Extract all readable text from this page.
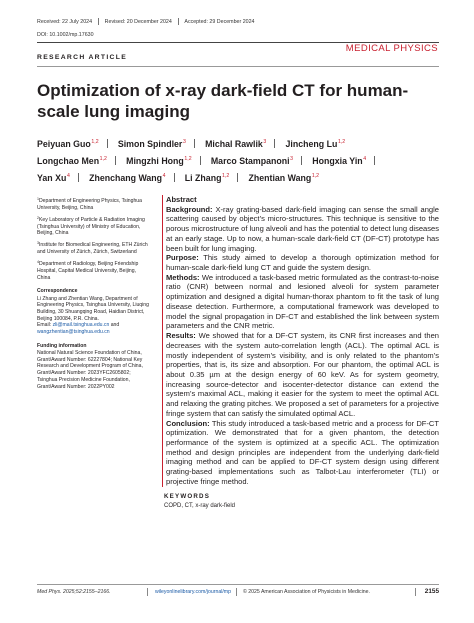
Received: 22 July 2024 Revised: 20 December 2024 Accepted: 29 December 2024
DOI: 10.1002/mp.17630
MEDICAL PHYSICS
RESEARCH ARTICLE
Optimization of x-ray dark-field CT for human-scale lung imaging
Peiyuan Guo$^{1,2}$ Simon Spindler$^3$ Michal Rawlik$^3$ Jincheng Lu$^{1,2}$
Longchao Men$^{1,2}$ Mingzhi Hong$^{1,2}$ Marco Stampanoni$^3$ Hongxia Yin$^4$
Yan Xu$^4$ Zhenchang Wang$^4$ Li Zhang$^{1,2}$ Zhentian Wang$^{1,2}$
$^1$Department of Engineering Physics, Tsinghua University, Beijing, China
$^2$Key Laboratory of Particle & Radiation Imaging (Tsinghua University) of Ministry of Education, Beijing, China
$^3$Institute for Biomedical Engineering, ETH Zürich and University of Zürich, Zürich, Switzerland
$^4$Department of Radiology, Beijing Friendship Hospital, Capital Medical University, Beijing, China
Correspondence
Li Zhang and Zhentian Wang, Department of Engineering Physics, Tsinghua University, Liuqing Building, 30 Shuangqing Road, Haidian District, Beijing 100084, P.R. China.
Email: zli@mail.tsinghua.edu.cn and
wangzhentian@tsinghua.edu.cn
Funding information
National Natural Science Foundation of China, Grant/Award Number: 62227804; National Key Research and Development Program of China, Grant/Award Number: 2023YFC2605802; Tsinghua Precision Medicine Foundation, Grant/Award Number: 2022PY002
Abstract
Background: X-ray grating-based dark-field imaging can sense the small angle scattering caused by object’s micro-structures. This technique is sensitive to the porous microstructure of lung alveoli and has the potential to detect lung diseases at an early stage. Up to now, a human-scale dark-field CT (DF-CT) prototype has been built for lung imaging.
Purpose: This study aimed to develop a thorough optimization method for human-scale dark-field lung CT and guide the system design.
Methods: We introduced a task-based metric formulated as the contrast-to-noise ratio (CNR) between normal and lesioned alveoli for system parameter optimization and designed a digital human-thorax phantom to fit the task of lung disease detection. Furthermore, a computational framework was developed to model the signal propagation in DF-CT and established the link between system parameters and the CNR metric.
Results: We showed that for a DF-CT system, its CNR first increases and then decreases with the system auto-correlation length (ACL). The optimal ACL is mostly independent of system’s visibility, and is only related to the phantom’s properties, that is, its size and absorption. For our phantom, the optimal ACL is about 0.35 µm at the design energy of 60 keV. As for system geometry, increasing source-detector and isocenter-detector distance can extend the system’s maximal ACL, making it easier for the system to meet the optimal ACL and relaxing the grating pitches. We proposed a set of parameters for a projective fringe system that can satisfy the simulated optimal ACL.
Conclusion: This study introduced a task-based metric and a process for DF-CT optimization. We demonstrated that for a given phantom, the detection performance of the system is optimized at a specific ACL. The optimization method and design principles are independent from the underlying dark-field imaging method and can be applied to DF-CT system design using different grating-based implementations such as Talbot-Lau interferometer (TLI) or projective fringe method.
KEYWORDS
COPD, CT, x-ray dark-field
Med Phys. 2025;52:2155–2166.	wileyonlinelibrary.com/journal/mp © 2025 American Association of Physicists in Medicine.	2155
